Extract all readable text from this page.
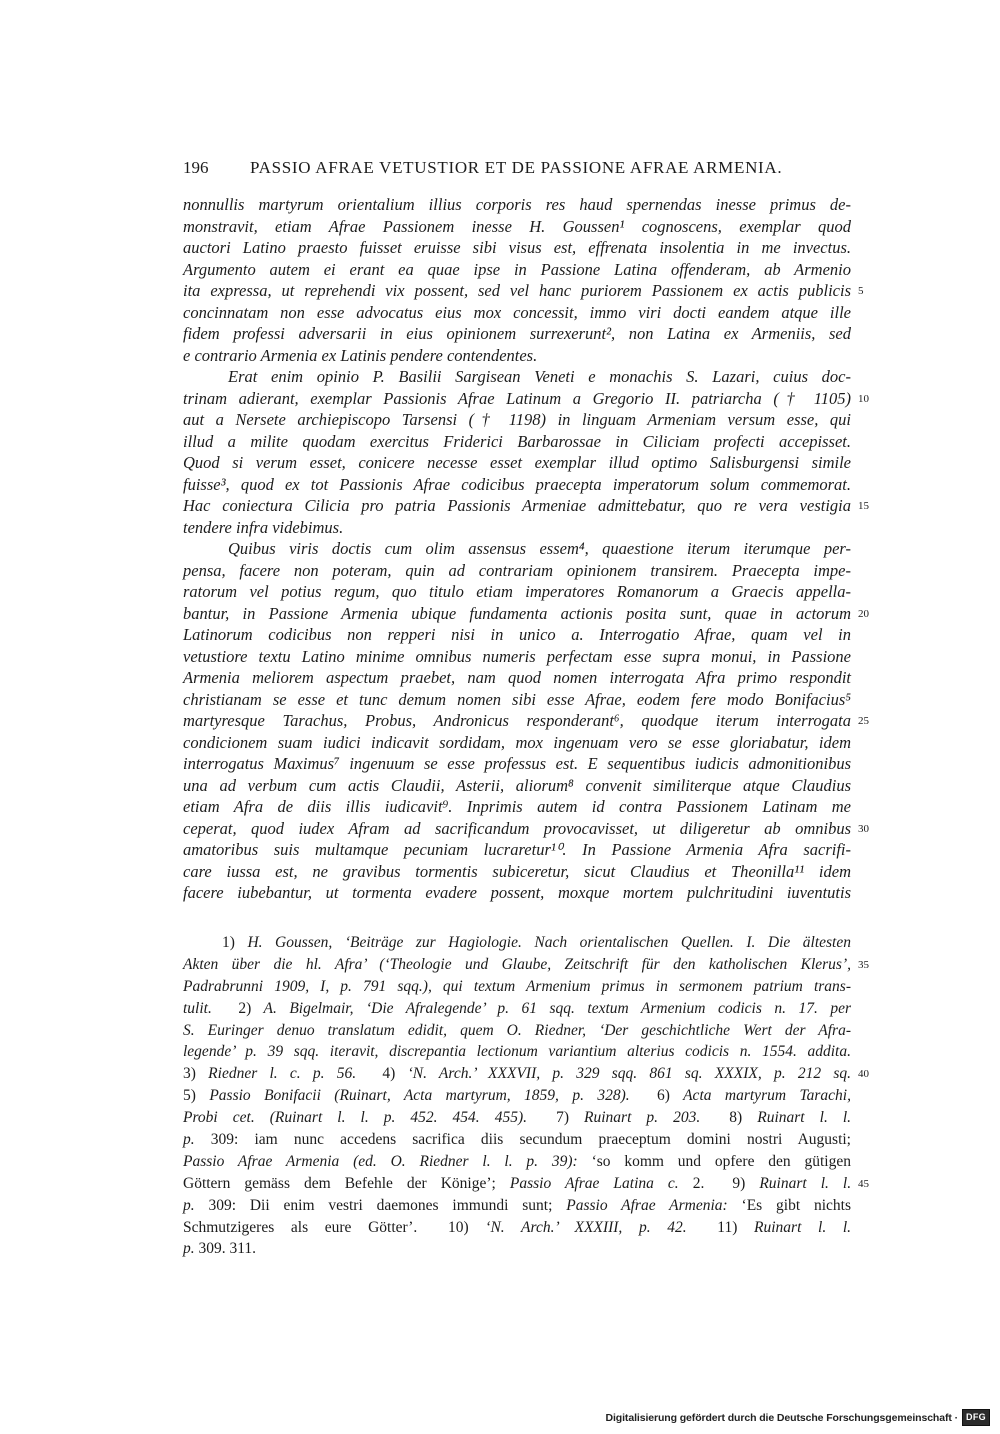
196 PASSIO AFRAE VETUSTIOR ET DE PASSIONE AFRAE ARMENIA.
nonnullis martyrum orientalium illius corporis res haud spernendas inesse primus de-
monstravit, etiam Afrae Passionem inesse H. Goussen¹ cognoscens, exemplar quod
auctori Latino praesto fuisset eruisse sibi visus est, effrenata insolentia in me invectus.
Argumento autem ei erant ea quae ipse in Passione Latina offenderam, ab Armenio
ita expressa, ut reprehendi vix possent, sed vel hanc puriorem Passionem ex actis publicis 5
concinnatam non esse advocatus eius mox concessit, immo viri docti eandem atque ille
fidem professi adversarii in eius opinionem surrexerunt², non Latina ex Armeniis, sed
e contrario Armenia ex Latinis pendere contendentes.
Erat enim opinio P. Basilii Sargisean Veneti e monachis S. Lazari, cuius doc-
trinam adierant, exemplar Passionis Afrae Latinum a Gregorio II. patriarcha († 1105) 10
aut a Nersete archiepiscopo Tarsensi († 1198) in linguam Armeniam versum esse, qui
illud a milite quodam exercitus Friderici Barbarossae in Ciliciam profecti accepisset.
Quod si verum esset, conicere necesse esset exemplar illud optimo Salisburgensi simile
fuisse³, quod ex tot Passionis Afrae codicibus praecepta imperatorum solum commemorat.
Hac coniectura Cilicia pro patria Passionis Armeniae admittebatur, quo re vera vestigia 15
tendere infra videbimus.
Quibus viris doctis cum olim assensus essem⁴, quaestione iterum iterumque per-
pensa, facere non poteram, quin ad contrariam opinionem transirem. Praecepta impe-
ratorum vel potius regum, quo titulo etiam imperatores Romanorum a Graecis appella-
bantur, in Passione Armenia ubique fundamenta actionis posita sunt, quae in actorum 20
Latinorum codicibus non repperi nisi in unico a. Interrogatio Afrae, quam vel in
vetustiore textu Latino minime omnibus numeris perfectam esse supra monui, in Passione
Armenia meliorem aspectum praebet, nam quod nomen interrogata Afra primo respondit
christianam se esse et tunc demum nomen sibi esse Afrae, eodem fere modo Bonifacius⁵
martyresque Tarachus, Probus, Andronicus responderant⁶, quodque iterum interrogata 25
condicionem suam iudici indicavit sordidam, mox ingenuam vero se esse gloriabatur, idem
interrogatus Maximus⁷ ingenuum se esse professus est. E sequentibus iudicis admonitionibus
una ad verbum cum actis Claudii, Asterii, aliorum⁸ convenit similiterque atque Claudius
etiam Afra de diis illis iudicavit⁹. Inprimis autem id contra Passionem Latinam me
ceperat, quod iudex Afram ad sacrificandum provocavisset, ut diligeretur ab omnibus 30
amatoribus suis multamque pecuniam lucraretur¹⁰. In Passione Armenia Afra sacrifi-
care iussa est, ne gravibus tormentis subiceretur, sicut Claudius et Theonilla¹¹ idem
facere iubebantur, ut tormenta evadere possent, moxque mortem pulchritudini iuventutis
1) H. Goussen, ‘Beiträge zur Hagiologie. Nach orientalischen Quellen. I. Die ältesten
Akten über die hl. Afra’ (‘Theologie und Glaube, Zeitschrift für den katholischen Klerus’, 35
Padrabrunni 1909, I, p. 791 sqq.), qui textum Armenium primus in sermonem patrium trans-
tulit. 2) A. Bigelmair, ‘Die Afralegende’ p. 61 sqq. textum Armenium codicis n. 17. per
S. Euringer denuo translatum edidit, quem O. Riedner, ‘Der geschichtliche Wert der Afra-
legende’ p. 39 sqq. iteravit, discrepantia lectionum variantium alterius codicis n. 1554. addita.
3) Riedner l. c. p. 56. 4) ‘N. Arch.’ XXXVII, p. 329 sqq. 861 sq. XXXIX, p. 212 sq. 40
5) Passio Bonifacii (Ruinart, Acta martyrum, 1859, p. 328). 6) Acta martyrum Tarachi,
Probi cet. (Ruinart l. l. p. 452. 454. 455). 7) Ruinart p. 203. 8) Ruinart l. l.
p. 309: iam nunc accedens sacrifica diis secundum praeceptum domini nostri Augusti;
Passio Afrae Armenia (ed. O. Riedner l. l. p. 39): ‘so komm und opfere den gütigen
Göttern gemäss dem Befehle der Könige’; Passio Afrae Latina c. 2. 9) Ruinart l. l. 45
p. 309: Dii enim vestri daemones immundi sunt; Passio Afrae Armenia: ‘Es gibt nichts
Schmutzigeres als eure Götter’. 10) ‘N. Arch.’ XXXIII, p. 42. 11) Ruinart l. l.
p. 309. 311.
Digitalisierung gefördert durch die Deutsche Forschungsgemeinschaft · DFG
